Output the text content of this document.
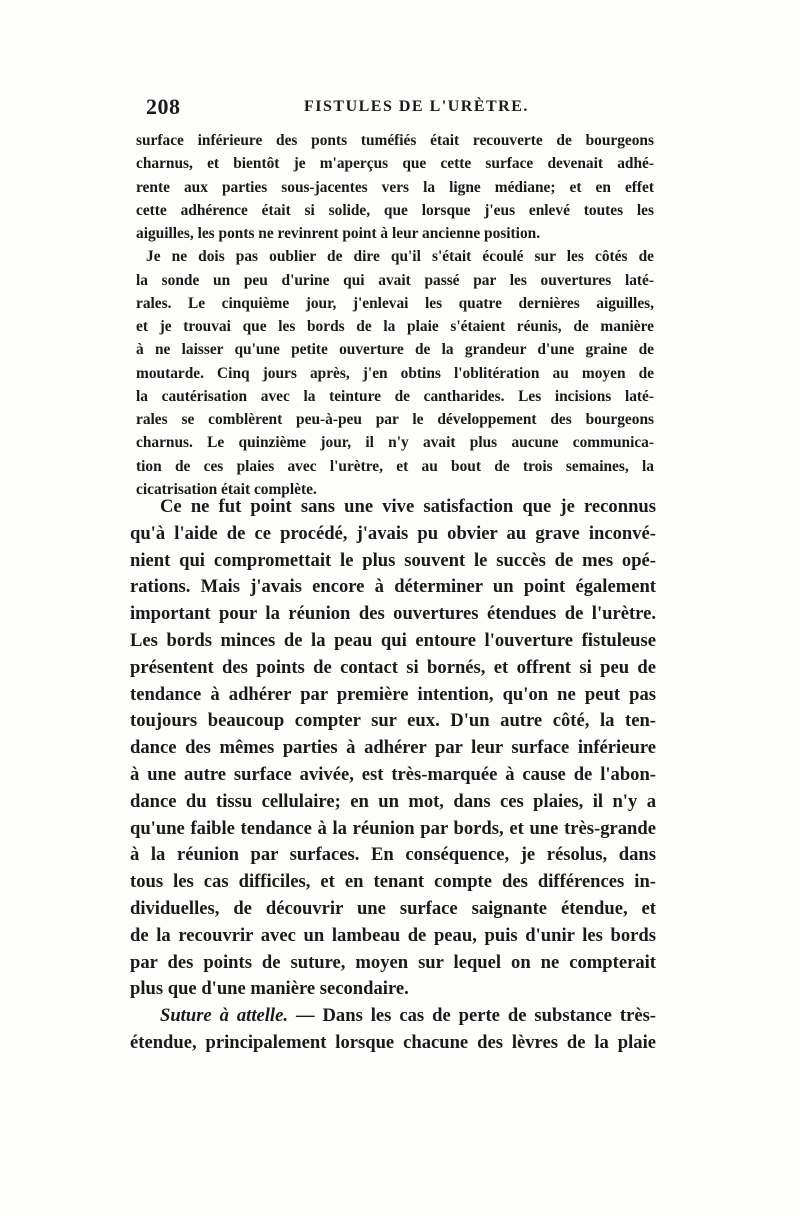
208	FISTULES DE L'URÈTRE.
surface inférieure des ponts tuméfiés était recouverte de bourgeons
charnus, et bientôt je m'aperçus que cette surface devenait adhé-
rente aux parties sous-jacentes vers la ligne médiane; et en effet
cette adhérence était si solide, que lorsque j'eus enlevé toutes les
aiguilles, les ponts ne revinrent point à leur ancienne position.
Je ne dois pas oublier de dire qu'il s'était écoulé sur les côtés de
la sonde un peu d'urine qui avait passé par les ouvertures laté-
rales. Le cinquième jour, j'enlevai les quatre dernières aiguilles,
et je trouvai que les bords de la plaie s'étaient réunis, de manière
à ne laisser qu'une petite ouverture de la grandeur d'une graine de
moutarde. Cinq jours après, j'en obtins l'oblitération au moyen de
la cautérisation avec la teinture de cantharides. Les incisions laté-
rales se comblèrent peu-à-peu par le développement des bourgeons
charnus. Le quinzième jour, il n'y avait plus aucune communica-
tion de ces plaies avec l'urètre, et au bout de trois semaines, la
cicatrisation était complète.
Ce ne fut point sans une vive satisfaction que je reconnus
qu'à l'aide de ce procédé, j'avais pu obvier au grave inconvé-
nient qui compromettait le plus souvent le succès de mes opé-
rations. Mais j'avais encore à déterminer un point également
important pour la réunion des ouvertures étendues de l'urètre.
Les bords minces de la peau qui entoure l'ouverture fistuleuse
présentent des points de contact si bornés, et offrent si peu de
tendance à adhérer par première intention, qu'on ne peut pas
toujours beaucoup compter sur eux. D'un autre côté, la ten-
dance des mêmes parties à adhérer par leur surface inférieure
à une autre surface avivée, est très-marquée à cause de l'abon-
dance du tissu cellulaire; en un mot, dans ces plaies, il n'y a
qu'une faible tendance à la réunion par bords, et une très-grande
à la réunion par surfaces. En conséquence, je résolus, dans
tous les cas difficiles, et en tenant compte des différences in-
dividuelles, de découvrir une surface saignante étendue, et
de la recouvrir avec un lambeau de peau, puis d'unir les bords
par des points de suture, moyen sur lequel on ne compterait
plus que d'une manière secondaire.
Suture à attelle. — Dans les cas de perte de substance très-
étendue, principalement lorsque chacune des lèvres de la plaie
